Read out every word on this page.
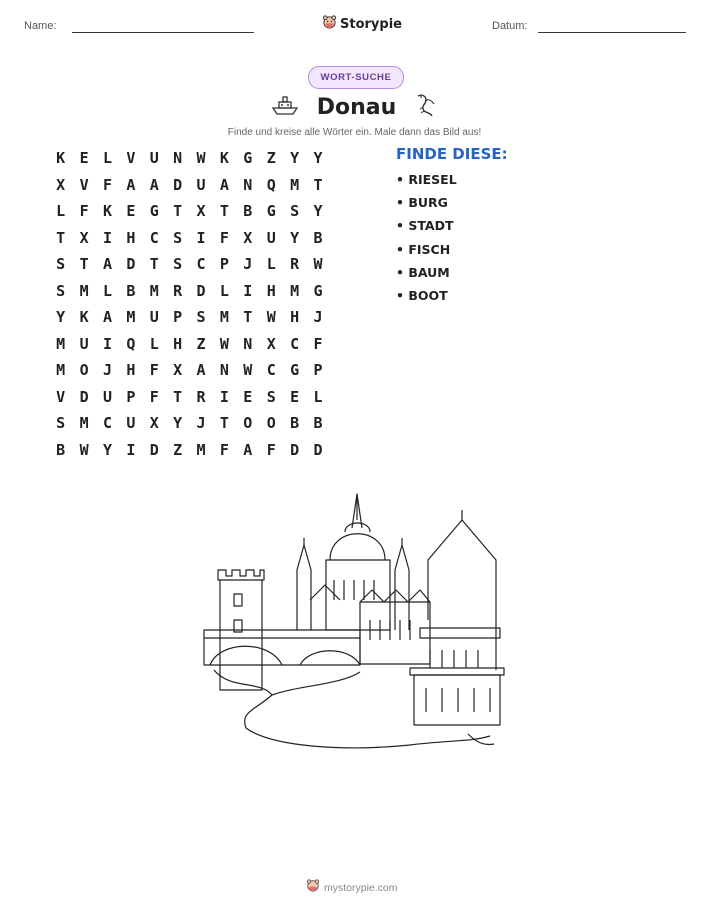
Name:	Storypie	Datum:
WORT-SUCHE
Donau
Finde und kreise alle Wörter ein. Male dann das Bild aus!
K E L V U N W K G Z Y Y
X V F A A D U A N Q M T
L F K E G T X T B G S Y
T X I H C S I F X U Y B
S T A D T S C P J L R W
S M L B M R D L I H M G
Y K A M U P S M T W H J
M U I Q L H Z W N X C F
M O J H F X A N W C G P
V D U P F T R I E S E L
S M C U X Y J T O O B B
B W Y I D Z M F A F D D
FINDE DIESE:
• RIESEL
• BURG
• STADT
• FISCH
• BAUM
• BOOT
mystorypie.com
